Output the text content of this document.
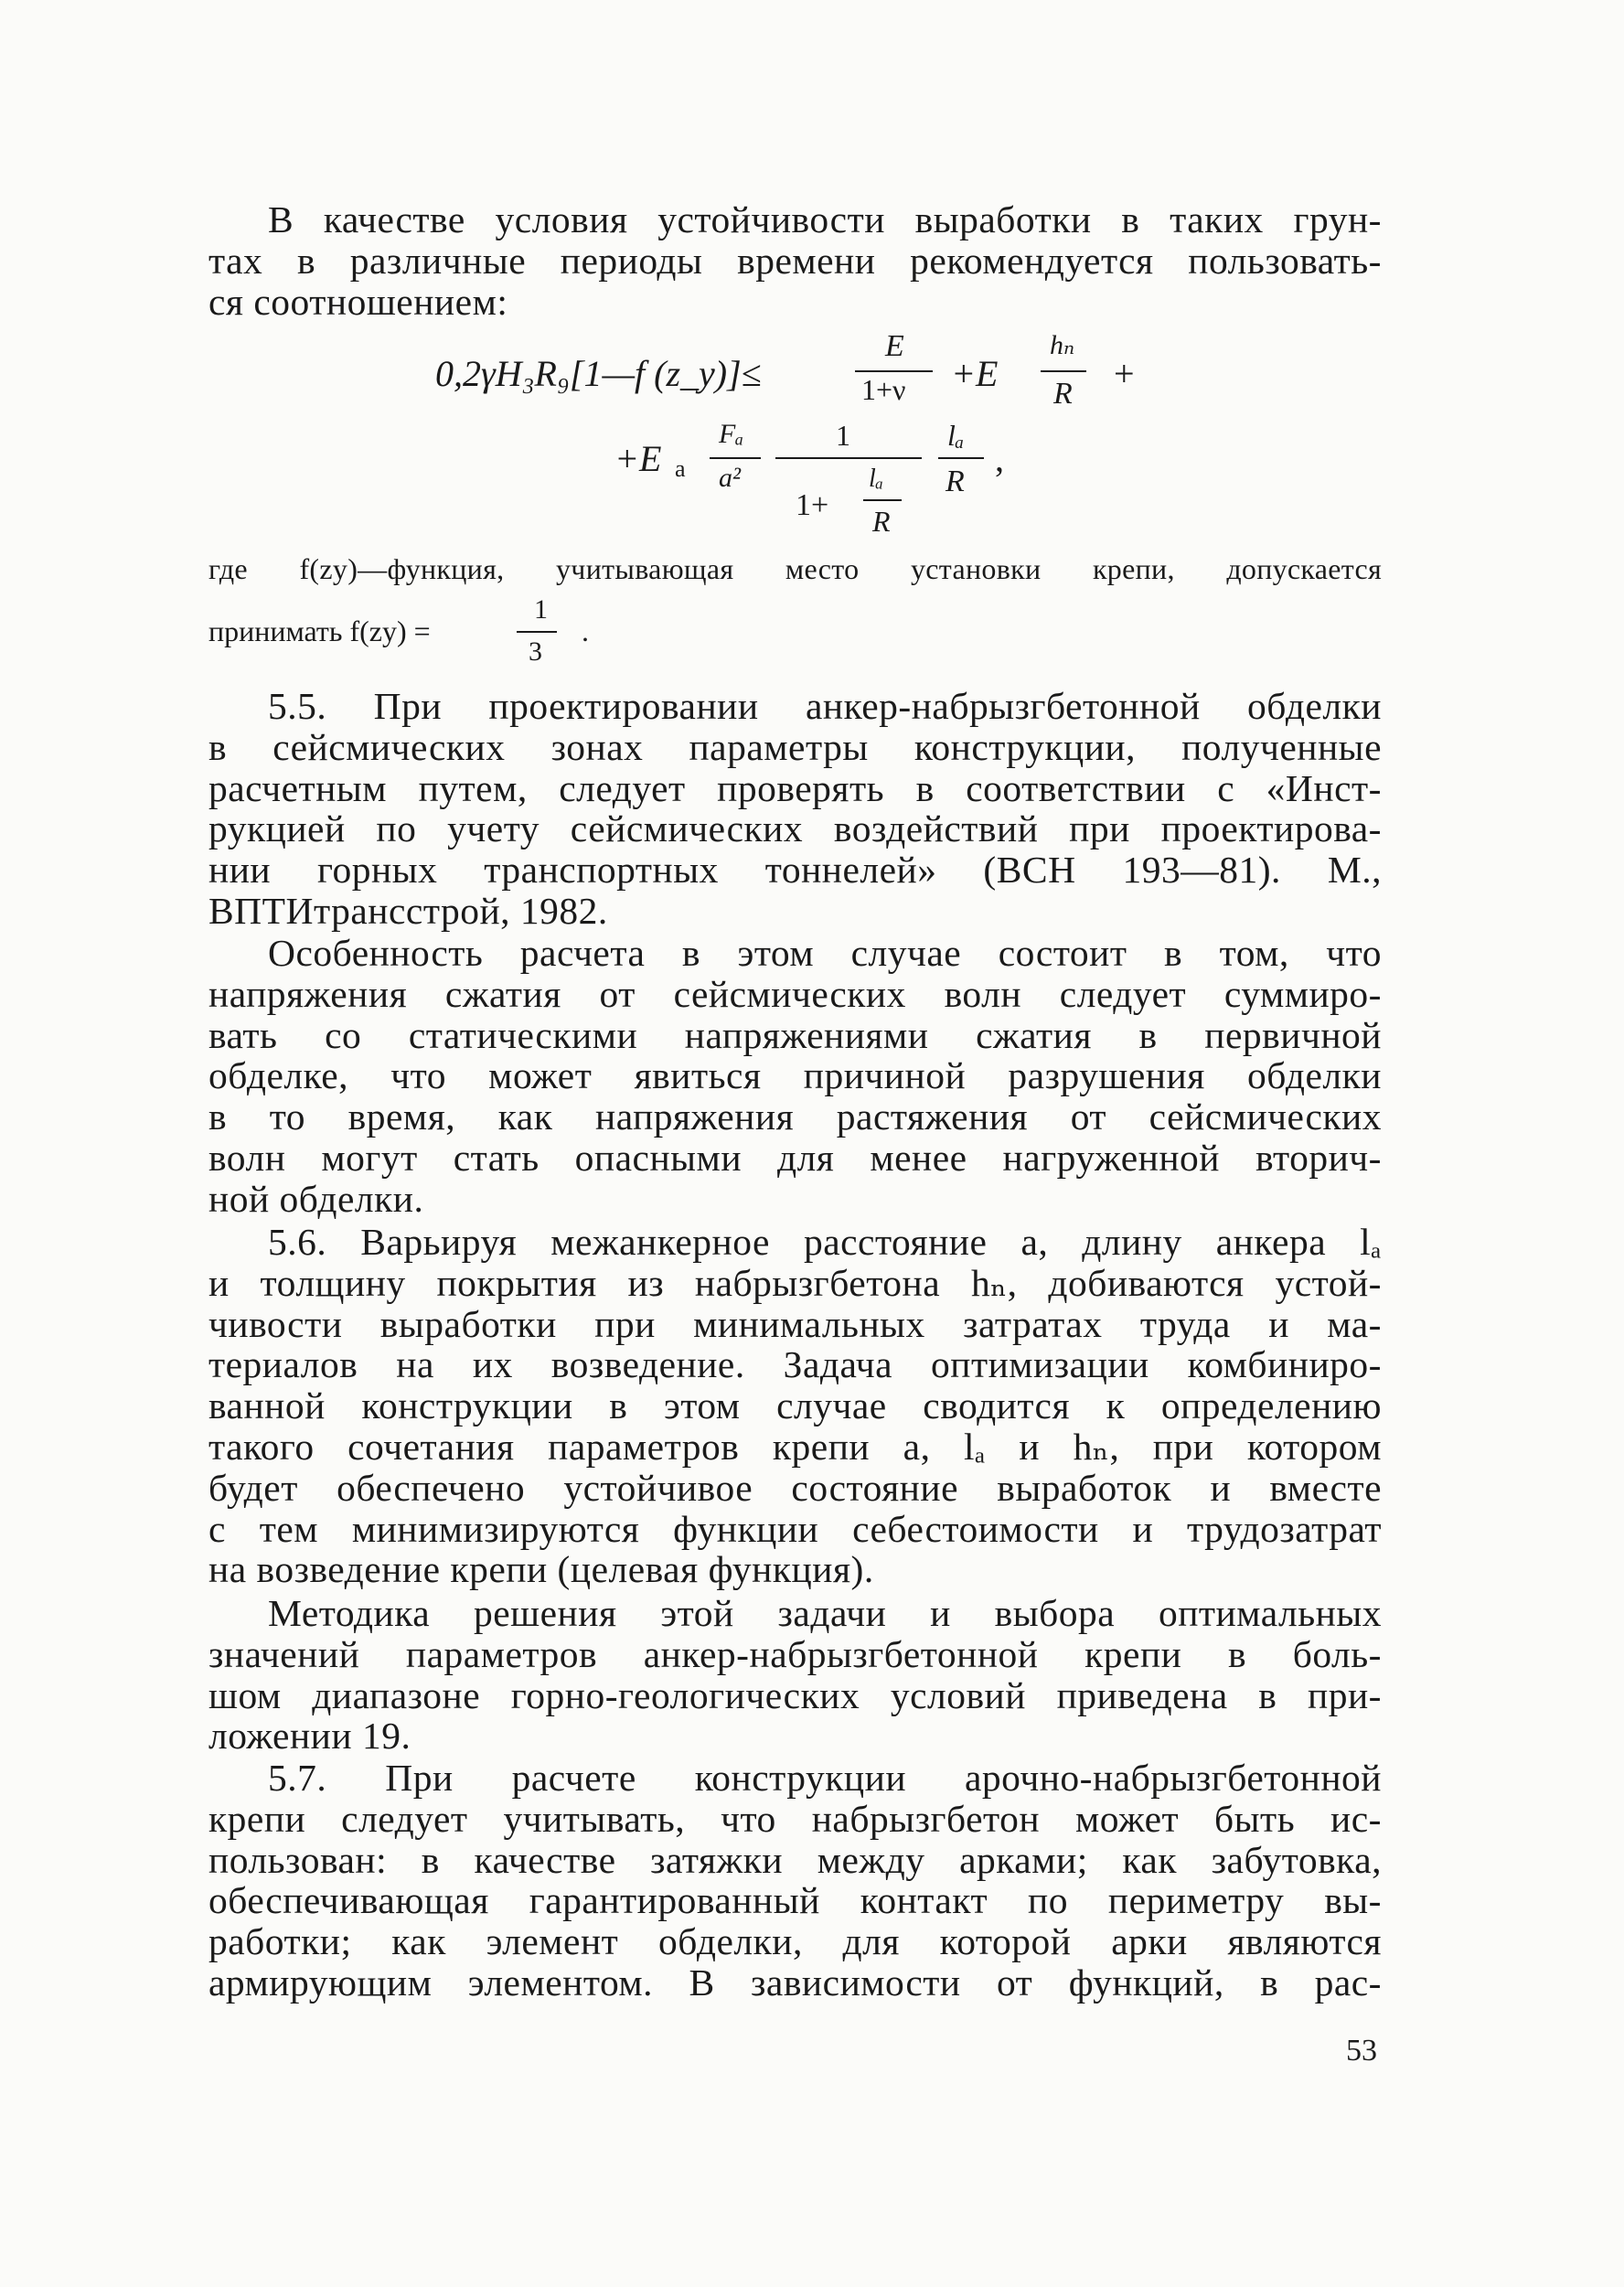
В качестве условия устойчивости выработки в таких грун-
тах в различные периоды времени рекомендуется пользовать-
ся соотношением:
0,2γH₃R₉[1—f (z_y)]≤
E
1+ν +E
hₙ
R +
+E а
Fₐ
a²
1
1+
lₐ
R
lₐ
R
,
где f(zу)—функция, учитывающая место установки крепи, допускается
принимать f(zу) =
1
3
.
5.5. При проектировании анкер-набрызгбетонной обделки
в сейсмических зонах параметры конструкции, полученные
расчетным путем, следует проверять в соответствии с «Инст-
рукцией по учету сейсмических воздействий при проектирова-
нии горных транспортных тоннелей» (ВСН 193—81). М.,
ВПТИтрансстрой, 1982.
Особенность расчета в этом случае состоит в том, что
напряжения сжатия от сейсмических волн следует суммиро-
вать со статическими напряжениями сжатия в первичной
обделке, что может явиться причиной разрушения обделки
в то время, как напряжения растяжения от сейсмических
волн могут стать опасными для менее нагруженной вторич-
ной обделки.
5.6. Варьируя межанкерное расстояние a, длину анкера lₐ
и толщину покрытия из набрызгбетона hₙ, добиваются устой-
чивости выработки при минимальных затратах труда и ма-
териалов на их возведение. Задача оптимизации комбиниро-
ванной конструкции в этом случае сводится к определению
такого сочетания параметров крепи a, lₐ и hₙ, при котором
будет обеспечено устойчивое состояние выработок и вместе
с тем минимизируются функции себестоимости и трудозатрат
на возведение крепи (целевая функция).
Методика решения этой задачи и выбора оптимальных
значений параметров анкер-набрызгбетонной крепи в боль-
шом диапазоне горно-геологических условий приведена в при-
ложении 19.
5.7. При расчете конструкции арочно-набрызгбетонной
крепи следует учитывать, что набрызгбетон может быть ис-
пользован: в качестве затяжки между арками; как забутовка,
обеспечивающая гарантированный контакт по периметру вы-
работки; как элемент обделки, для которой арки являются
армирующим элементом. В зависимости от функций, в рас-
53
